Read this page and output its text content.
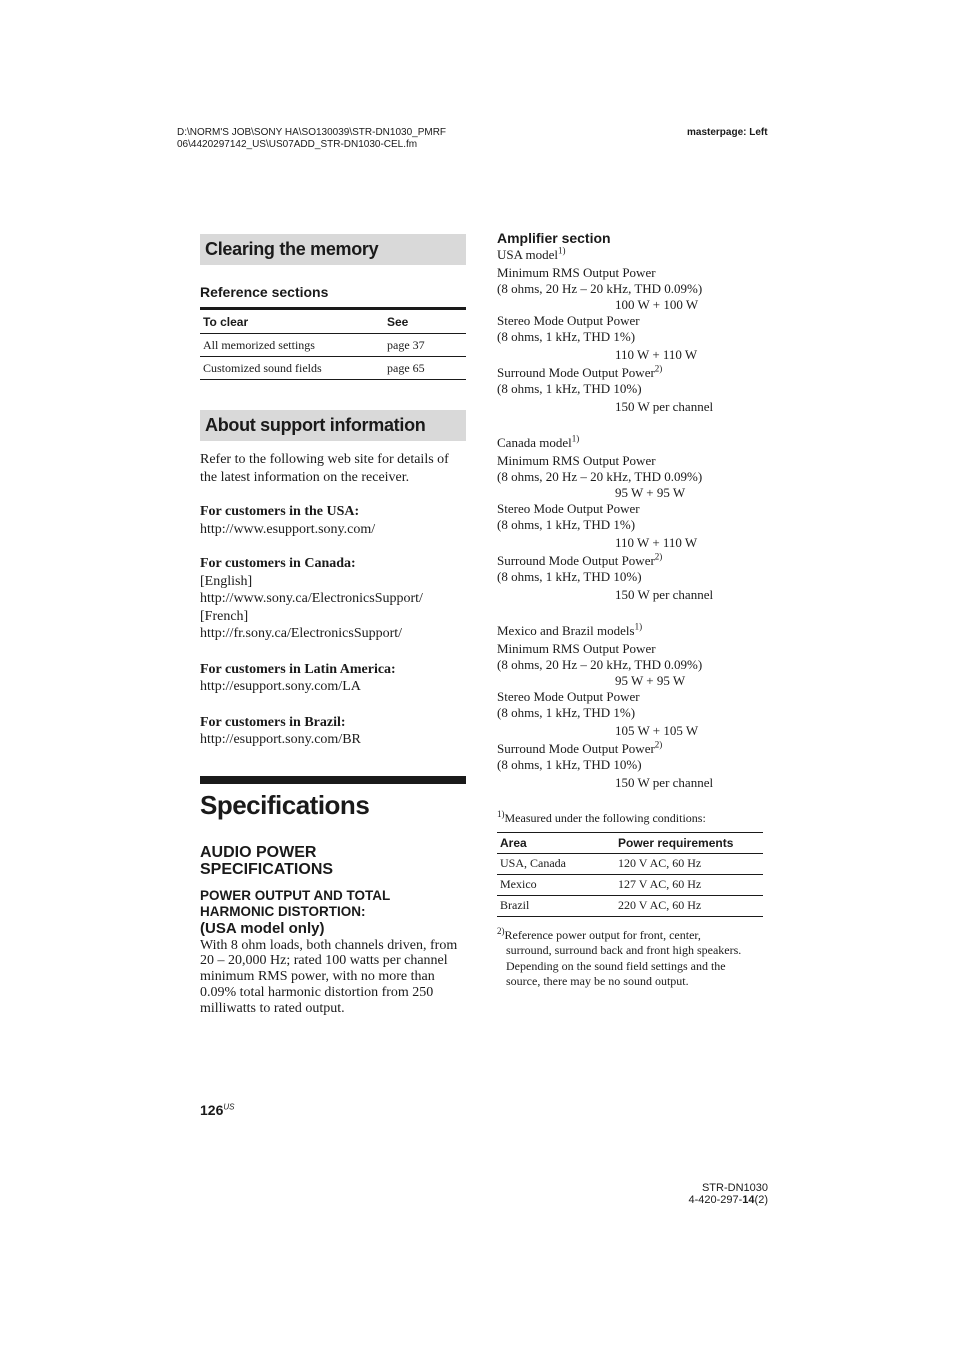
D:\NORM'S JOB\SONY HA\SO130039\STR-DN1030_PMRF
06\4420297142_US\US07ADD_STR-DN1030-CEL.fm
masterpage: Left
Clearing the memory
Reference sections
To clear	See
All memorized settings	page 37
Customized sound fields	page 65
About support information
Refer to the following web site for details of the latest information on the receiver.
For customers in the USA:
http://www.esupport.sony.com/
For customers in Canada:
[English]
http://www.sony.ca/ElectronicsSupport/
[French]
http://fr.sony.ca/ElectronicsSupport/
For customers in Latin America:
http://esupport.sony.com/LA
For customers in Brazil:
http://esupport.sony.com/BR
Specifications
AUDIO POWER
SPECIFICATIONS
POWER OUTPUT AND TOTAL
HARMONIC DISTORTION:
(USA model only)
With 8 ohm loads, both channels driven, from 20 – 20,000 Hz; rated 100 watts per channel minimum RMS power, with no more than 0.09% total harmonic distortion from 250 milliwatts to rated output.
Amplifier section
USA model$^{1)}$
Minimum RMS Output Power
(8 ohms, 20 Hz – 20 kHz, THD 0.09%)
100 W + 100 W
Stereo Mode Output Power
(8 ohms, 1 kHz, THD 1%)
110 W + 110 W
Surround Mode Output Power$^{2)}$
(8 ohms, 1 kHz, THD 10%)
150 W per channel
Canada model$^{1)}$
Minimum RMS Output Power
(8 ohms, 20 Hz – 20 kHz, THD 0.09%)
95 W + 95 W
Stereo Mode Output Power
(8 ohms, 1 kHz, THD 1%)
110 W + 110 W
Surround Mode Output Power$^{2)}$
(8 ohms, 1 kHz, THD 10%)
150 W per channel
Mexico and Brazil models$^{1)}$
Minimum RMS Output Power
(8 ohms, 20 Hz – 20 kHz, THD 0.09%)
95 W + 95 W
Stereo Mode Output Power
(8 ohms, 1 kHz, THD 1%)
105 W + 105 W
Surround Mode Output Power$^{2)}$
(8 ohms, 1 kHz, THD 10%)
150 W per channel
$^{1)}$Measured under the following conditions:
Area	Power requirements
USA, Canada	120 V AC, 60 Hz
Mexico	127 V AC, 60 Hz
Brazil	220 V AC, 60 Hz
$^{2)}$Reference power output for front, center,
surround, surround back and front high speakers.
Depending on the sound field settings and the
source, there may be no sound output.
$126^{US}$
STR-DN1030
4-420-297-14(2)
